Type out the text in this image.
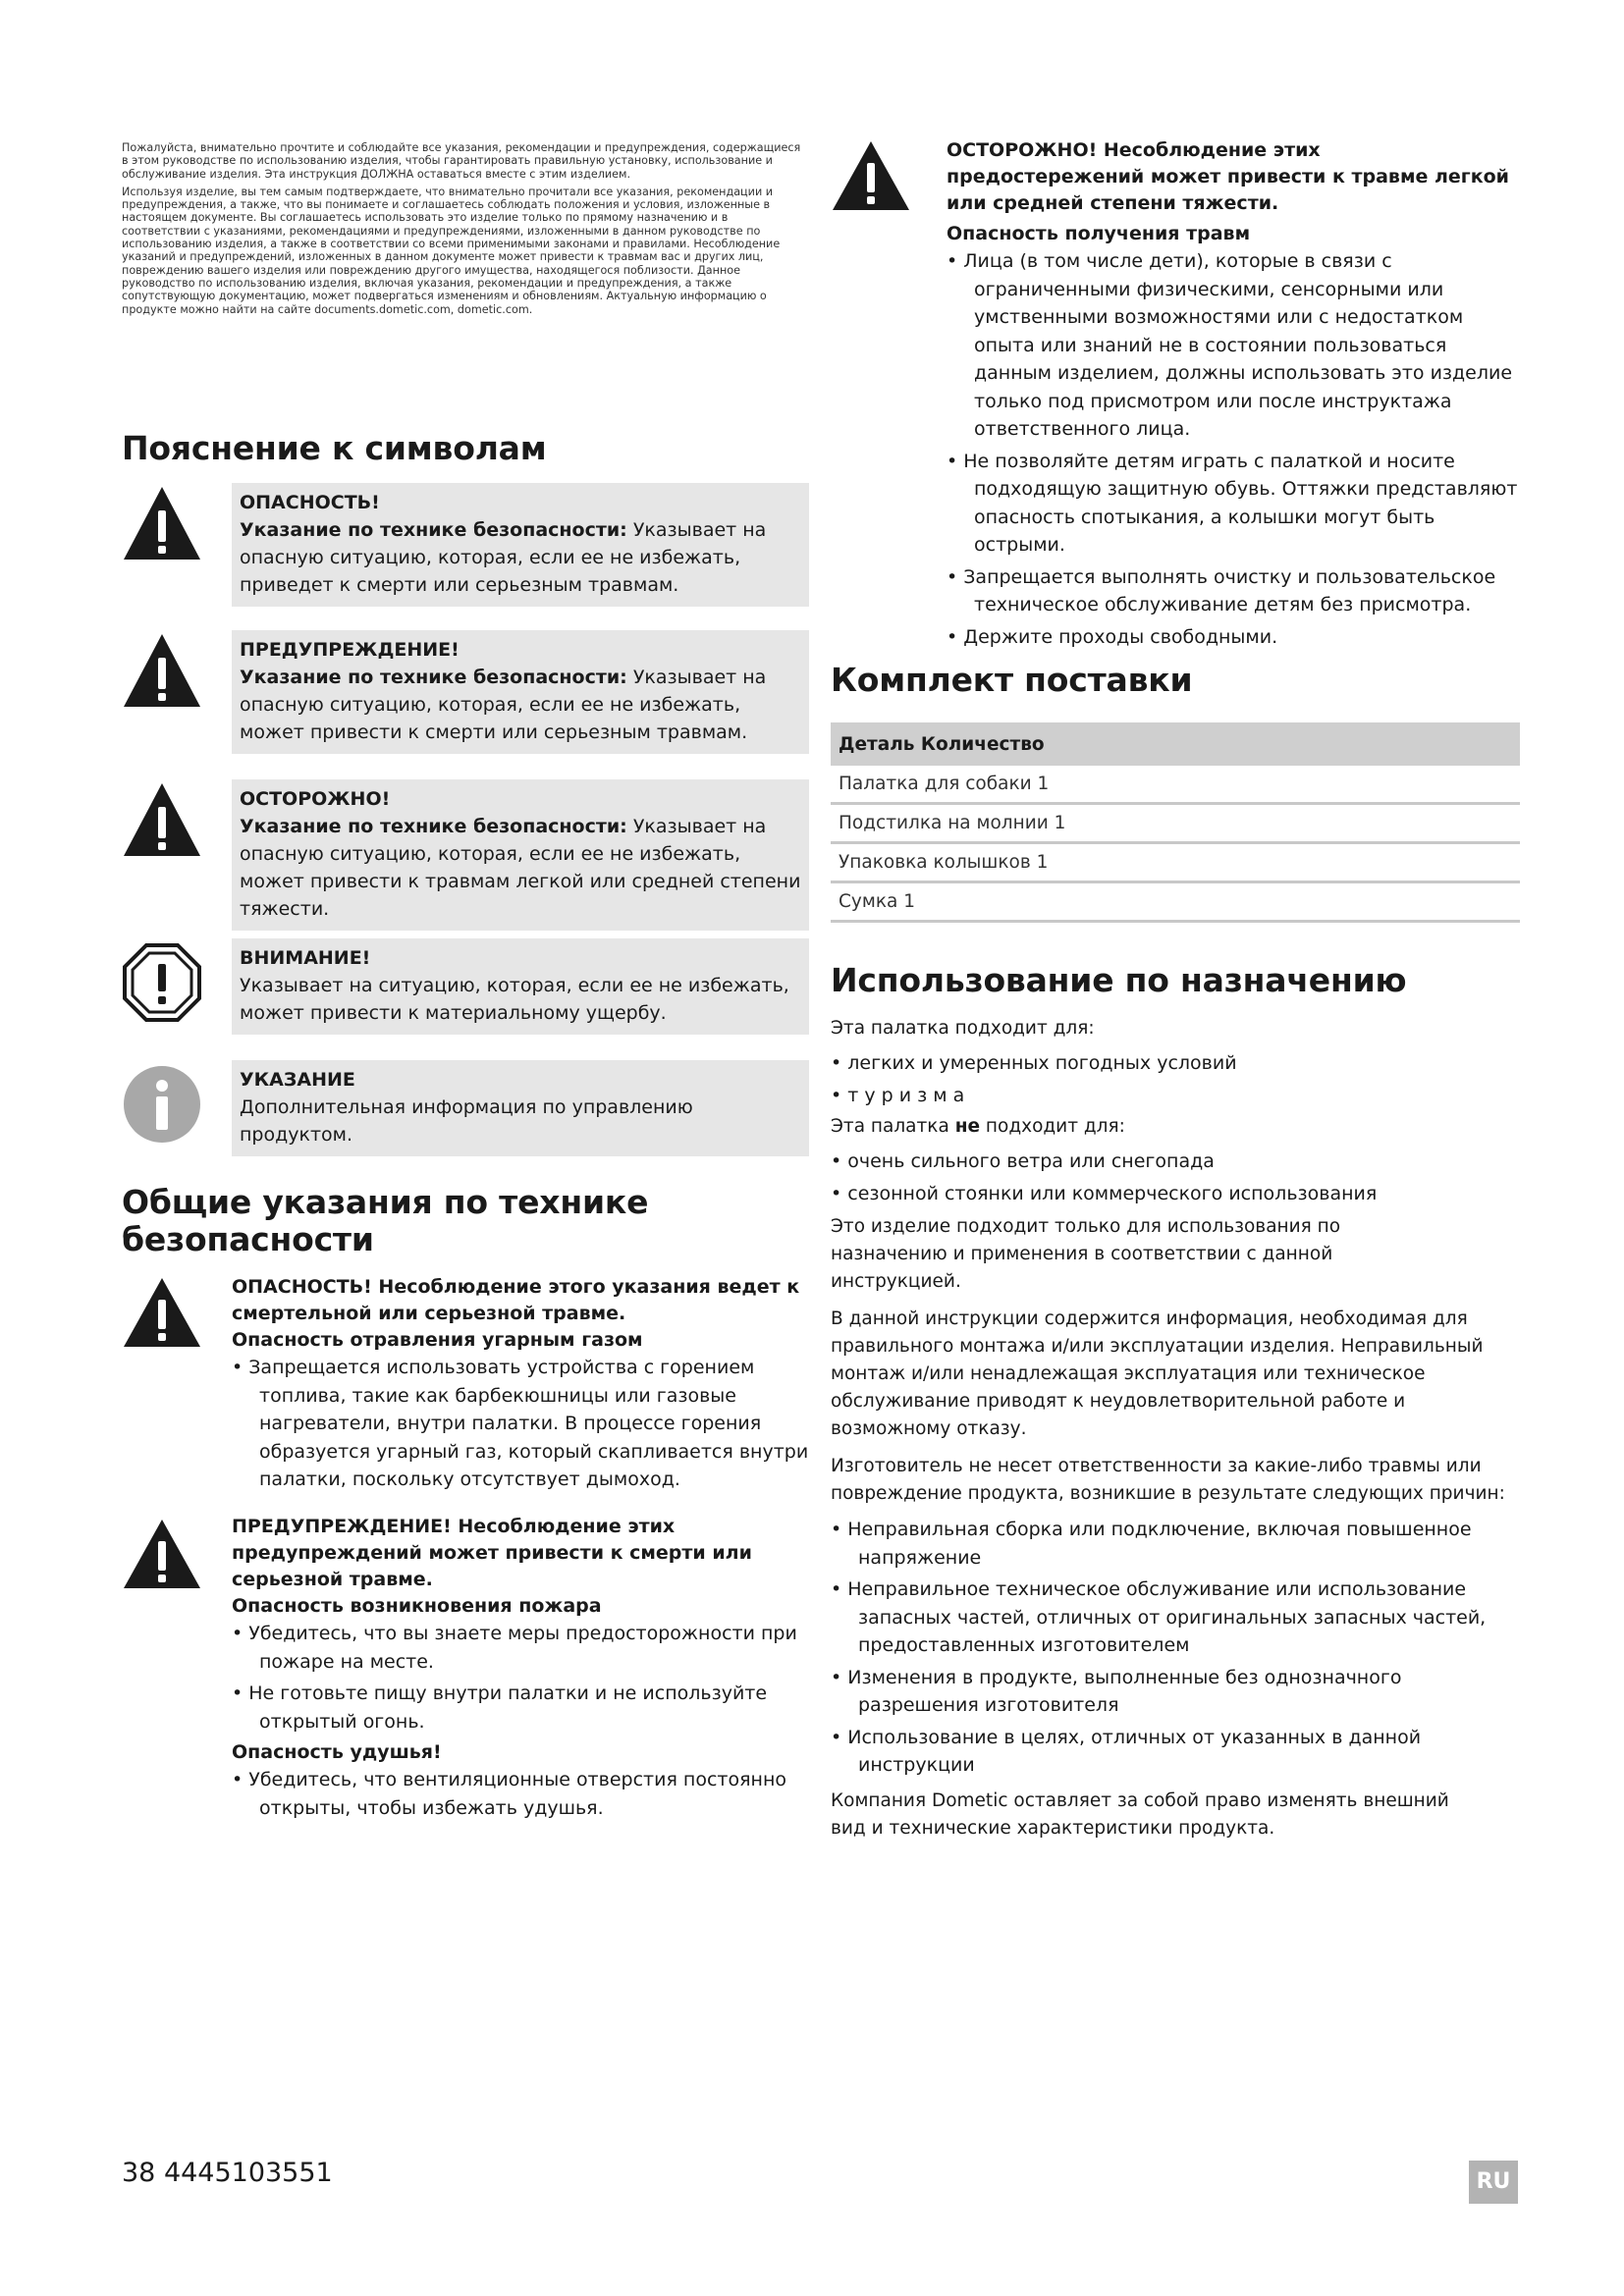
Пожалуйста, внимательно прочтите и соблюдайте все указания, рекомендации и предупреждения, содержащиеся в этом руководстве по использованию изделия, чтобы гарантировать правильную установку, использование и обслуживание изделия. Эта инструкция ДОЛЖНА оставаться вместе с этим изделием.

Используя изделие, вы тем самым подтверждаете, что внимательно прочитали все указания, рекомендации и предупреждения, а также, что вы понимаете и соглашаетесь соблюдать положения и условия, изложенные в настоящем документе. Вы соглашаетесь использовать это изделие только по прямому назначению и в соответствии с указаниями, рекомендациями и предупреждениями, изложенными в данном руководстве по использованию изделия, а также в соответствии со всеми применимыми законами и правилами. Несоблюдение указаний и предупреждений, изложенных в данном документе может привести к травмам вас и других лиц, повреждению вашего изделия или повреждению другого имущества, находящегося поблизости. Данное руководство по использованию изделия, включая указания, рекомендации и предупреждения, а также сопутствующую документацию, может подвергаться изменениям и обновлениям. Актуальную информацию о продукте можно найти на сайте documents.dometic.com, dometic.com.

Пояснение к символам
ОПАСНОСТЬ!
Указание по технике безопасности: Указывает на опасную ситуацию, которая, если ее не избежать, приведет к смерти или серьезным травмам.
ПРЕДУПРЕЖДЕНИЕ!
Указание по технике безопасности: Указывает на опасную ситуацию, которая, если ее не избежать, может привести к смерти или серьезным травмам.
ОСТОРОЖНО!
Указание по технике безопасности: Указывает на опасную ситуацию, которая, если ее не избежать, может привести к травмам легкой или средней степени тяжести.
ВНИМАНИЕ!
Указывает на ситуацию, которая, если ее не избежать, может привести к материальному ущербу.
УКАЗАНИЕ
Дополнительная информация по управлению продуктом.
Общие указания по технике
безопасности
ОПАСНОСТЬ! Несоблюдение этого указания ведет к смертельной или серьезной травме.
Опасность отравления угарным газом
• Запрещается использовать устройства с горением топлива, такие как барбекюшницы или газовые нагреватели, внутри палатки. В процессе горения образуется угарный газ, который скапливается внутри палатки, поскольку отсутствует дымоход.
ПРЕДУПРЕЖДЕНИЕ! Несоблюдение этих предупреждений может привести к смерти или серьезной травме.
Опасность возникновения пожара
• Убедитесь, что вы знаете меры предосторожности при пожаре на месте.
• Не готовьте пищу внутри палатки и не используйте открытый огонь.
Опасность удушья!
• Убедитесь, что вентиляционные отверстия постоянно открыты, чтобы избежать удушья.
ОСТОРОЖНО! Несоблюдение этих предостережений может привести к травме легкой или средней степени тяжести.
Опасность получения травм
• Лица (в том числе дети), которые в связи с ограниченными физическими, сенсорными или умственными возможностями или с недостатком опыта или знаний не в состоянии пользоваться данным изделием, должны использовать это изделие только под присмотром или после инструктажа ответственного лица.
• Не позволяйте детям играть с палаткой и носите подходящую защитную обувь. Оттяжки представляют опасность спотыкания, а колышки могут быть острыми.
• Запрещается выполнять очистку и пользовательское техническое обслуживание детям без присмотра.
• Держите проходы свободными.
Комплект поставки
Деталь Количество
Палатка для собаки 1
Подстилка на молнии 1
Упаковка колышков 1
Сумка 1
Использование по назначению
Эта палатка подходит для:
• легких и умеренных погодных условий
• т у р и з м а
Эта палатка не подходит для:
• очень сильного ветра или снегопада
• сезонной стоянки или коммерческого использования
Это изделие подходит только для использования по назначению и применения в соответствии с данной инструкцией.
В данной инструкции содержится информация, необходимая для правильного монтажа и/или эксплуатации изделия. Неправильный монтаж и/или ненадлежащая эксплуатация или техническое обслуживание приводят к неудовлетворительной работе и возможному отказу.
Изготовитель не несет ответственности за какие-либо травмы или повреждение продукта, возникшие в результате следующих причин:
• Неправильная сборка или подключение, включая повышенное напряжение
• Неправильное техническое обслуживание или использование запасных частей, отличных от оригинальных запасных частей, предоставленных изготовителем
• Изменения в продукте, выполненные без однозначного разрешения изготовителя
• Использование в целях, отличных от указанных в данной инструкции
Компания Dometic оставляет за собой право изменять внешний вид и технические характеристики продукта.
38 4445103551	RU
